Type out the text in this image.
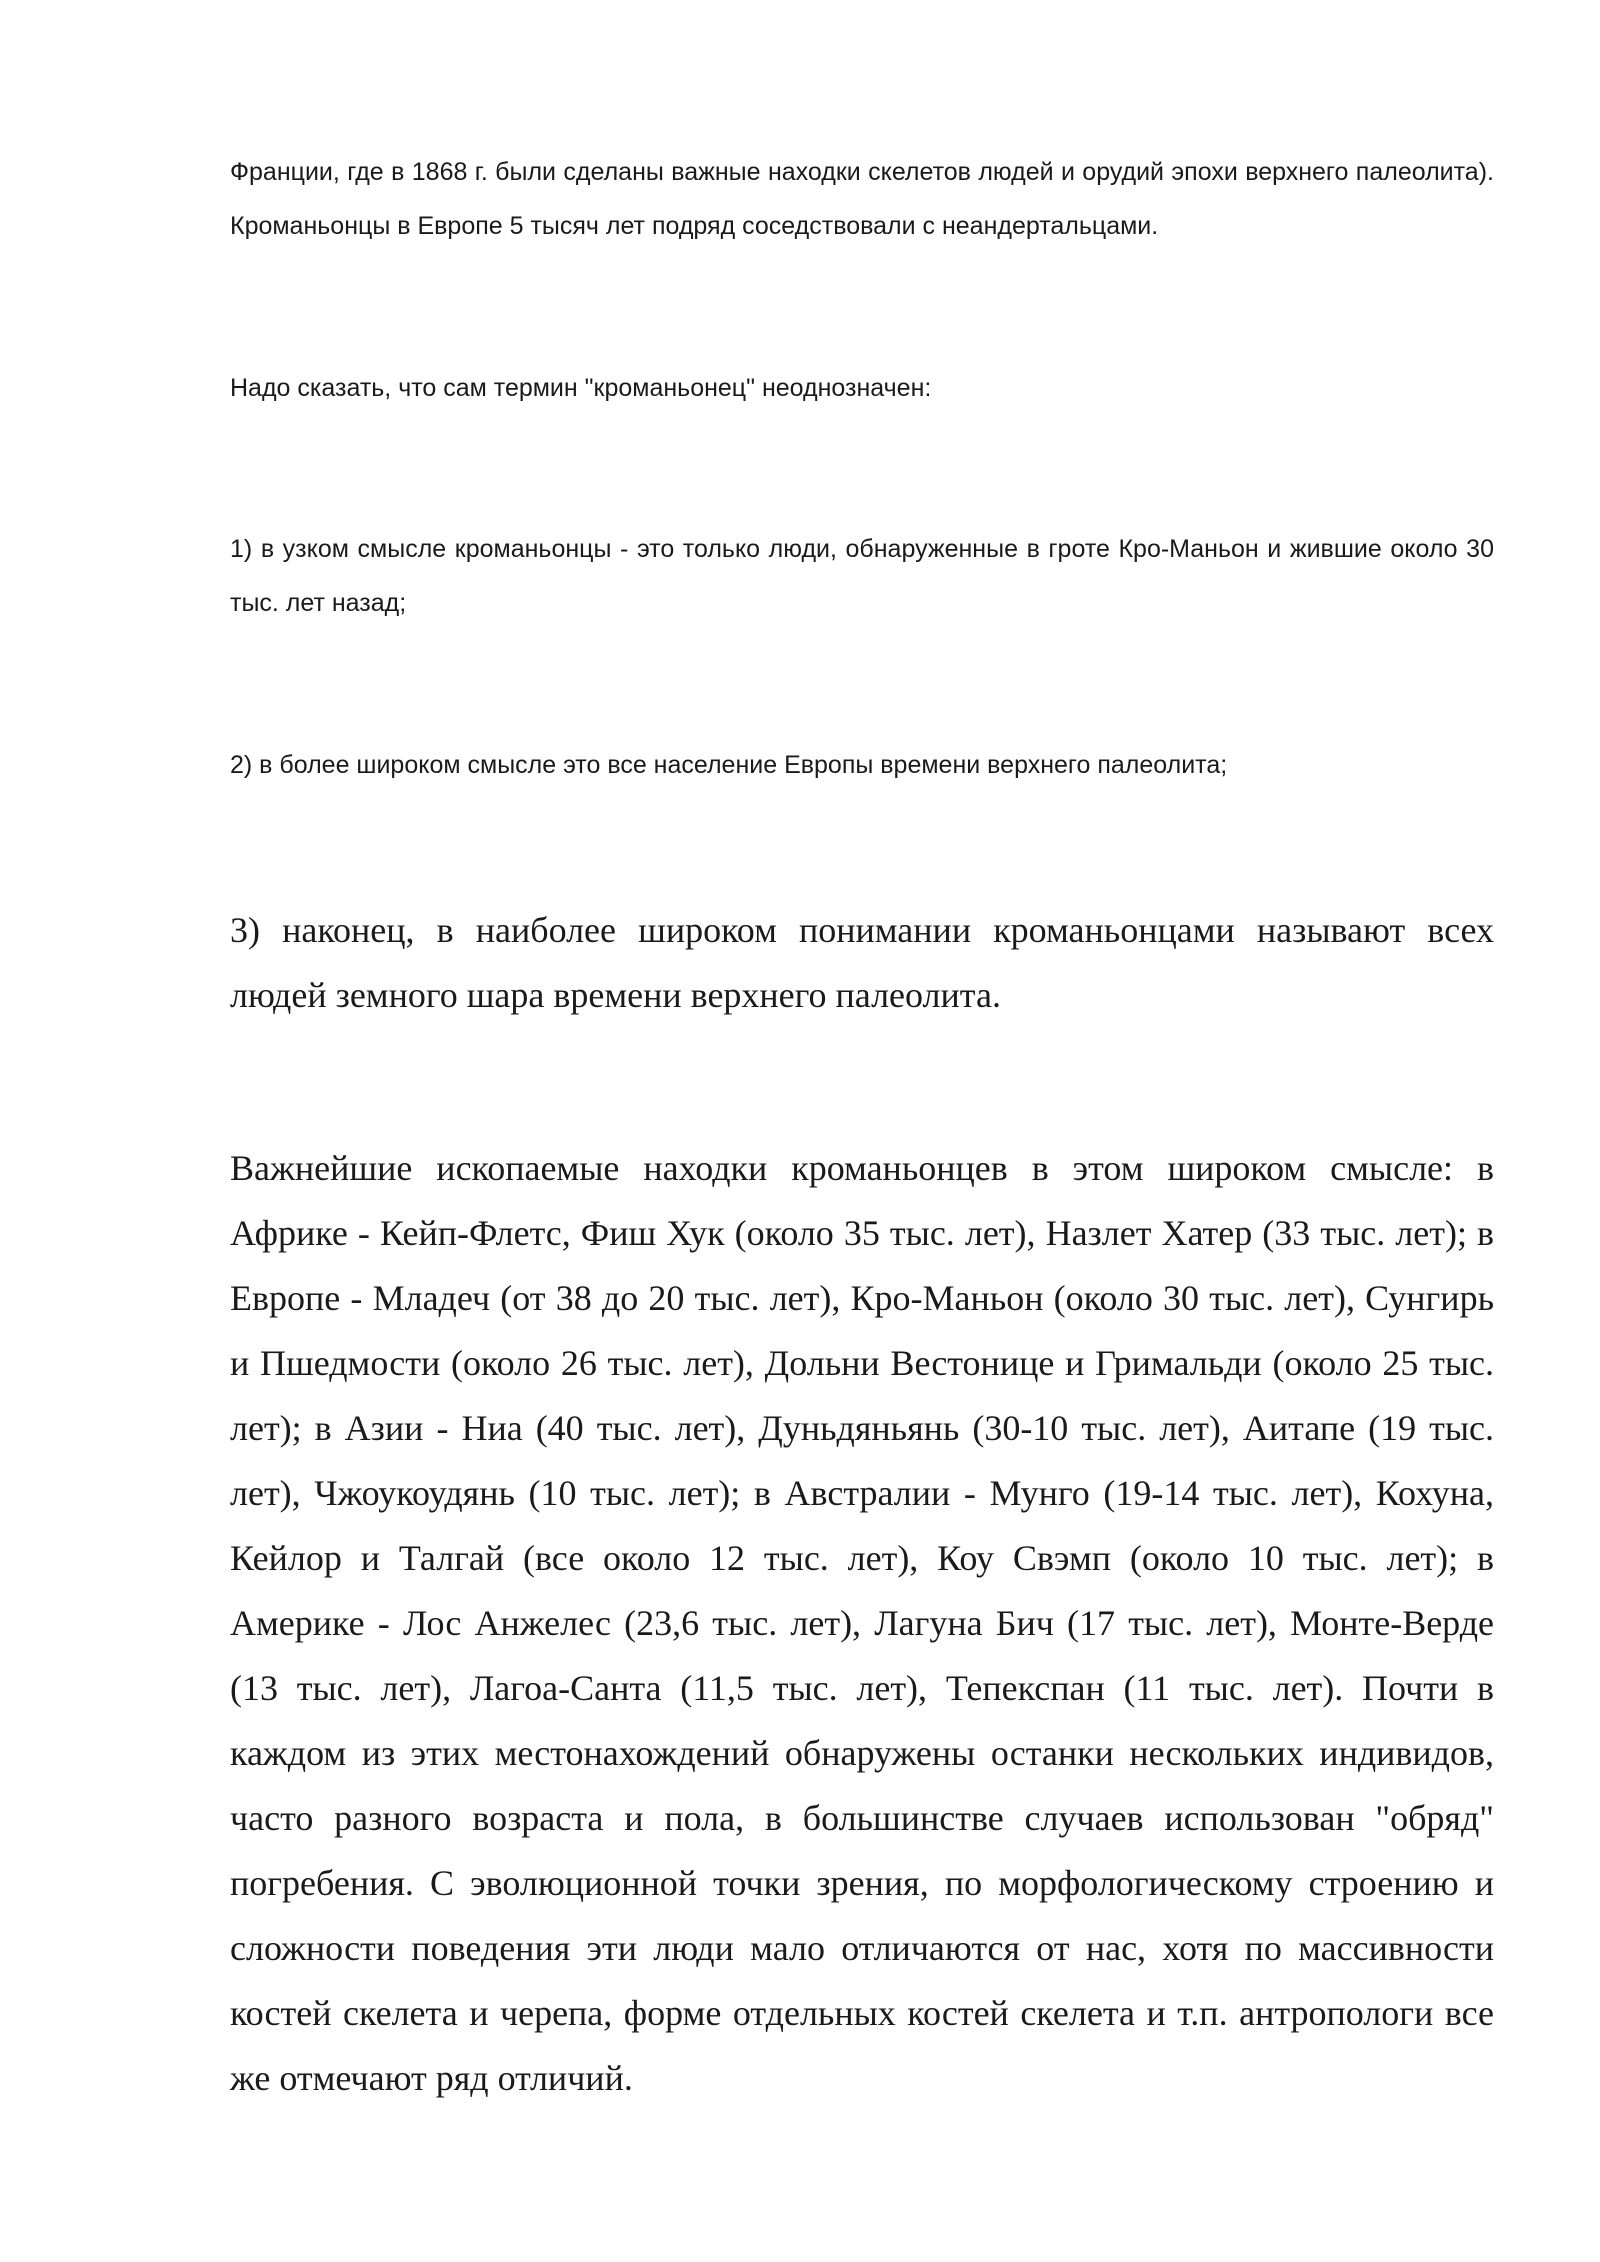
Франции, где в 1868 г. были сделаны важные находки скелетов людей и орудий эпохи верхнего палеолита). Кроманьонцы в Европе 5 тысяч лет подряд соседствовали с неандертальцами.

Надо сказать, что сам термин "кроманьонец" неоднозначен:

1) в узком смысле кроманьонцы - это только люди, обнаруженные в гроте Кро-Маньон и жившие около 30 тыс. лет назад;

2) в более широком смысле это все население Европы времени верхнего палеолита;

3) наконец, в наиболее широком понимании кроманьонцами называют всех людей земного шара времени верхнего палеолита.

Важнейшие ископаемые находки кроманьонцев в этом широком смысле: в Африке - Кейп-Флетс, Фиш Хук (около 35 тыс. лет), Назлет Хатер (33 тыс. лет); в Европе - Младеч (от 38 до 20 тыс. лет), Кро-Маньон (около 30 тыс. лет), Сунгирь и Пшедмости (около 26 тыс. лет), Дольни Вестонице и Гримальди (около 25 тыс. лет); в Азии - Ниа (40 тыс. лет), Дуньдяньянь (30-10 тыс. лет), Аитапе (19 тыс. лет), Чжоукоудянь (10 тыс. лет); в Австралии - Мунго (19-14 тыс. лет), Кохуна, Кейлор и Талгай (все около 12 тыс. лет), Коу Свэмп (около 10 тыс. лет); в Америке - Лос Анжелес (23,6 тыс. лет), Лагуна Бич (17 тыс. лет), Монте-Верде (13 тыс. лет), Лагоа-Санта (11,5 тыс. лет), Тепекспан (11 тыс. лет). Почти в каждом из этих местонахождений обнаружены останки нескольких индивидов, часто разного возраста и пола, в большинстве случаев использован "обряд" погребения. С эволюционной точки зрения, по морфологическому строению и сложности поведения эти люди мало отличаются от нас, хотя по массивности костей скелета и черепа, форме отдельных костей скелета и т.п. антропологи все же отмечают ряд отличий.
